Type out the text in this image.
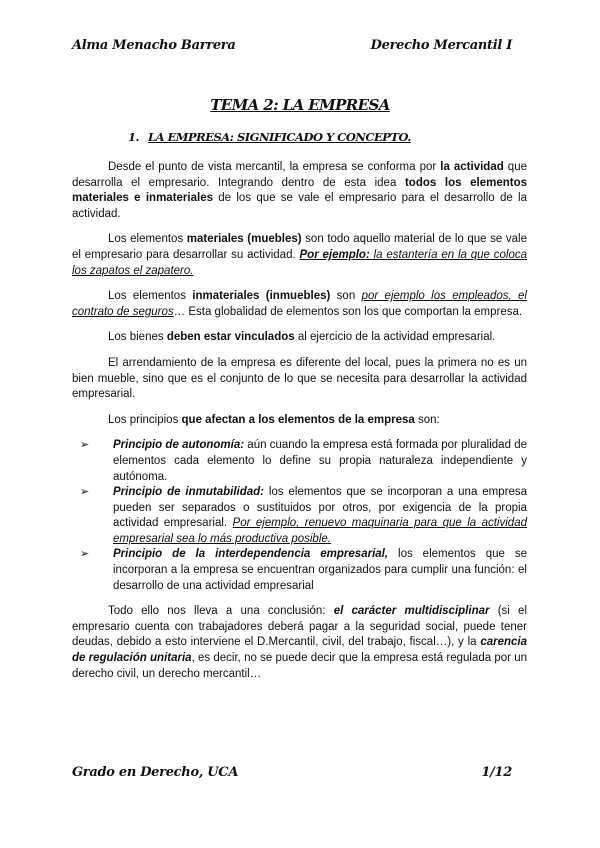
Alma Menacho Barrera	Derecho Mercantil I
TEMA 2: LA EMPRESA
1. LA EMPRESA: SIGNIFICADO Y CONCEPTO.

Desde el punto de vista mercantil, la empresa se conforma por la actividad que desarrolla el empresario. Integrando dentro de esta idea todos los elementos materiales e inmateriales de los que se vale el empresario para el desarrollo de la actividad.

Los elementos materiales (muebles) son todo aquello material de lo que se vale el empresario para desarrollar su actividad. Por ejemplo: la estantería en la que coloca los zapatos el zapatero.

Los elementos inmateriales (inmuebles) son por ejemplo los empleados, el contrato de seguros… Esta globalidad de elementos son los que comportan la empresa.

Los bienes deben estar vinculados al ejercicio de la actividad empresarial.

El arrendamiento de la empresa es diferente del local, pues la primera no es un bien mueble, sino que es el conjunto de lo que se necesita para desarrollar la actividad empresarial.

Los principios que afectan a los elementos de la empresa son:

➢ Principio de autonomía: aún cuando la empresa está formada por pluralidad de elementos cada elemento lo define su propia naturaleza independiente y autónoma.
➢ Principio de inmutabilidad: los elementos que se incorporan a una empresa pueden ser separados o sustituidos por otros, por exigencia de la propia actividad empresarial. Por ejemplo, renuevo maquinaria para que la actividad empresarial sea lo más productiva posible.
➢ Principio de la interdependencia empresarial, los elementos que se incorporan a la empresa se encuentran organizados para cumplir una función: el desarrollo de una actividad empresarial

Todo ello nos lleva a una conclusión: el carácter multidisciplinar (si el empresario cuenta con trabajadores deberá pagar a la seguridad social, puede tener deudas, debido a esto interviene el D.Mercantil, civil, del trabajo, fiscal…), y la carencia de regulación unitaria, es decir, no se puede decir que la empresa está regulada por un derecho civil, un derecho mercantil…

Grado en Derecho, UCA	1/12
